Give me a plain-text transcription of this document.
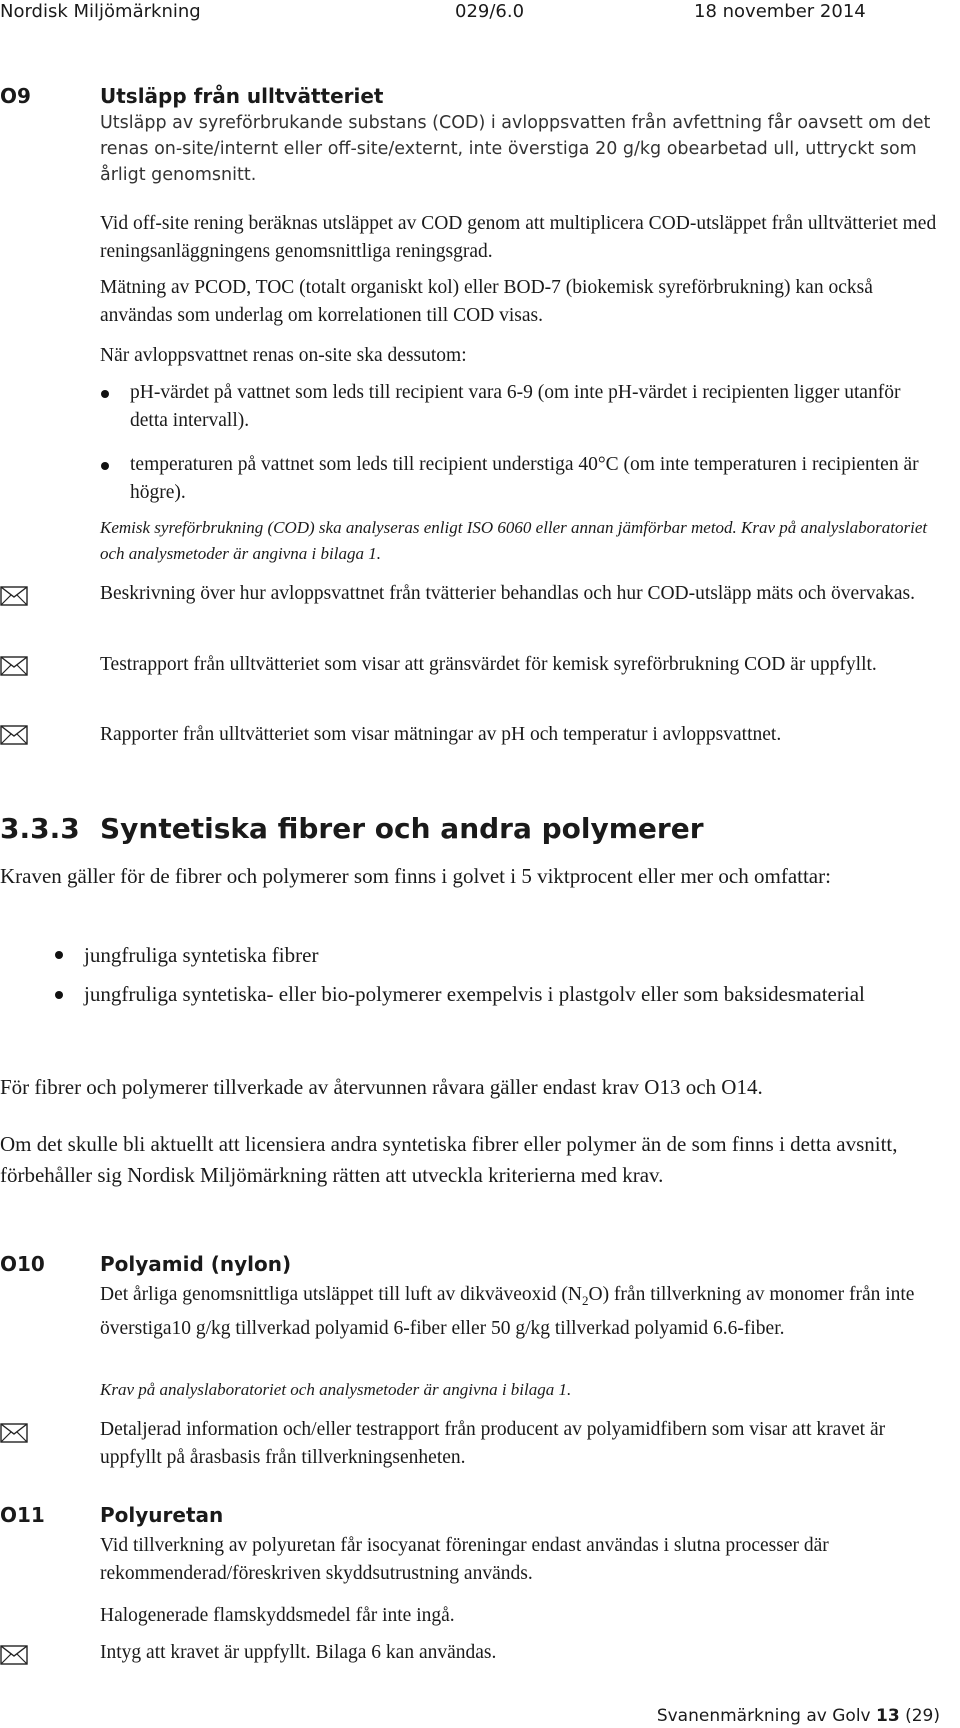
Nordisk Miljömärkning	029/6.0	18 november 2014
O9	Utsläpp från ulltvätteriet
Utsläpp av syreförbrukande substans (COD) i avloppsvatten från avfettning får oavsett om det renas on-site/internt eller off-site/externt, inte överstiga 20 g/kg obearbetad ull, uttryckt som årligt genomsnitt.
Vid off-site rening beräknas utsläppet av COD genom att multiplicera COD-utsläppet från ulltvätteriet med reningsanläggningens genomsnittliga reningsgrad.
Mätning av PCOD, TOC (totalt organiskt kol) eller BOD-7 (biokemisk syreförbrukning) kan också användas som underlag om korrelationen till COD visas.
När avloppsvattnet renas on-site ska dessutom:
pH-värdet på vattnet som leds till recipient vara 6-9 (om inte pH-värdet i recipienten ligger utanför detta intervall).
temperaturen på vattnet som leds till recipient understiga 40°C (om inte temperaturen i recipienten är högre).
Kemisk syreförbrukning (COD) ska analyseras enligt ISO 6060 eller annan jämförbar metod. Krav på analyslaboratoriet och analysmetoder är angivna i bilaga 1.
Beskrivning över hur avloppsvattnet från tvätterier behandlas och hur COD-utsläpp mäts och övervakas.
Testrapport från ulltvätteriet som visar att gränsvärdet för kemisk syreförbrukning COD är uppfyllt.
Rapporter från ulltvätteriet som visar mätningar av pH och temperatur i avloppsvattnet.
3.3.3 Syntetiska fibrer och andra polymerer
Kraven gäller för de fibrer och polymerer som finns i golvet i 5 viktprocent eller mer och omfattar:
jungfruliga syntetiska fibrer
jungfruliga syntetiska- eller bio-polymerer exempelvis i plastgolv eller som baksidesmaterial
För fibrer och polymerer tillverkade av återvunnen råvara gäller endast krav O13 och O14.
Om det skulle bli aktuellt att licensiera andra syntetiska fibrer eller polymer än de som finns i detta avsnitt, förbehåller sig Nordisk Miljömärkning rätten att utveckla kriterierna med krav.
O10	Polyamid (nylon)
Det årliga genomsnittliga utsläppet till luft av dikväveoxid $(N_2O)$ från tillverkning av monomer från inte överstiga10 g/kg tillverkad polyamid 6-fiber eller 50 g/kg tillverkad polyamid 6.6-fiber.
Krav på analyslaboratoriet och analysmetoder är angivna i bilaga 1.
Detaljerad information och/eller testrapport från producent av polyamidfibern som visar att kravet är uppfyllt på årasbasis från tillverkningsenheten.
O11	Polyuretan
Vid tillverkning av polyuretan får isocyanat föreningar endast användas i slutna processer där rekommenderad/föreskriven skyddsutrustning används.
Halogenerade flamskyddsmedel får inte ingå.
Intyg att kravet är uppfyllt. Bilaga 6 kan användas.
Svanenmärkning av Golv 13 (29)
